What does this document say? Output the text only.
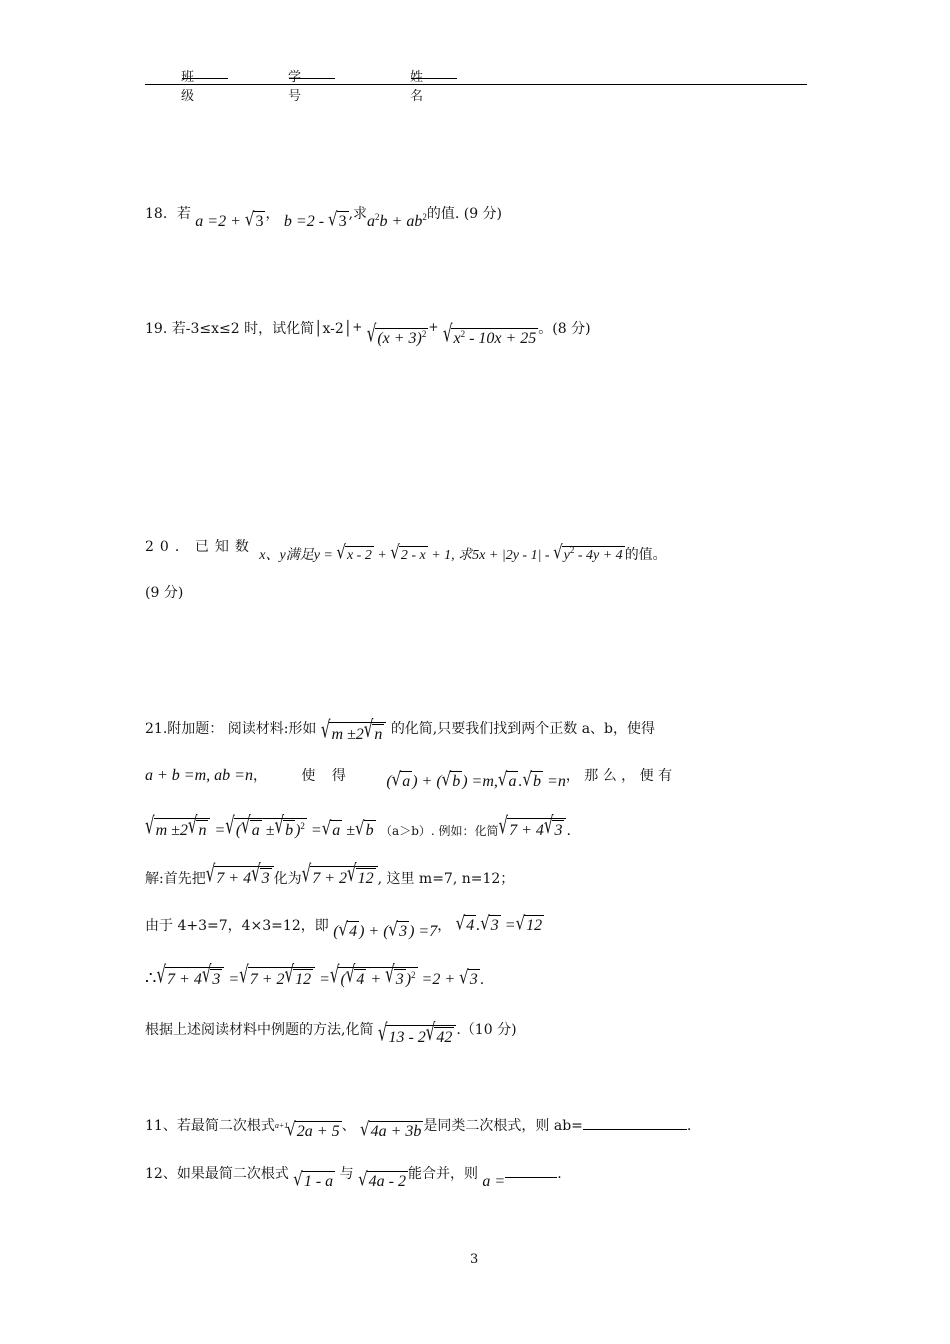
班级
学号
姓名
18．若 a =2 + √3 ， b =2 - √3 ,求$a^2b + ab^2$的值. (9 分)
19. 若-3≤x≤2 时，试化简│x-2│+ $√(x + 3)^2 + √x^2 - 10x + 25$。(8 分)
20．已知数 x、y满足y = √x - 2 + √2 - x + 1, 求$5x + |2y - 1| - √y^2 - 4y + 4$ 的值。
(9 分)
21.附加题： 阅读材料:形如 √m ±2√n 的化简,只要我们找到两个正数 a、b，使得
a + b =m, ab =n， 使 得 (√a ) + (√b ) =m,√a .√b =n， 那 么 ， 便 有
√m ±2√n =√(√a ±√b )$^2$ =√a ±√b （a＞b）. 例如：化简√7 + 4√3 .
解:首先把√7 + 4√3 化为√7 + 2√12 , 这里 m=7, n=12；
由于 4+3=7，4×3=12，即 (√4 ) + (√3 ) =7， √4 .√3 =√12
∴√7 + 4√3 =√7 + 2√12 =√(√4 + √3 )$^2$ =2 + √3 .
根据上述阅读材料中例题的方法,化简 √13 - 2√42 .（10 分)
11、若最简二次根式$^{a+1}$√2a + 5 、 √4a + 3b 是同类二次根式，则 ab=	.
12、如果最简二次根式 √1 - a 与 √4a - 2 能合并，则 a =	.
3
